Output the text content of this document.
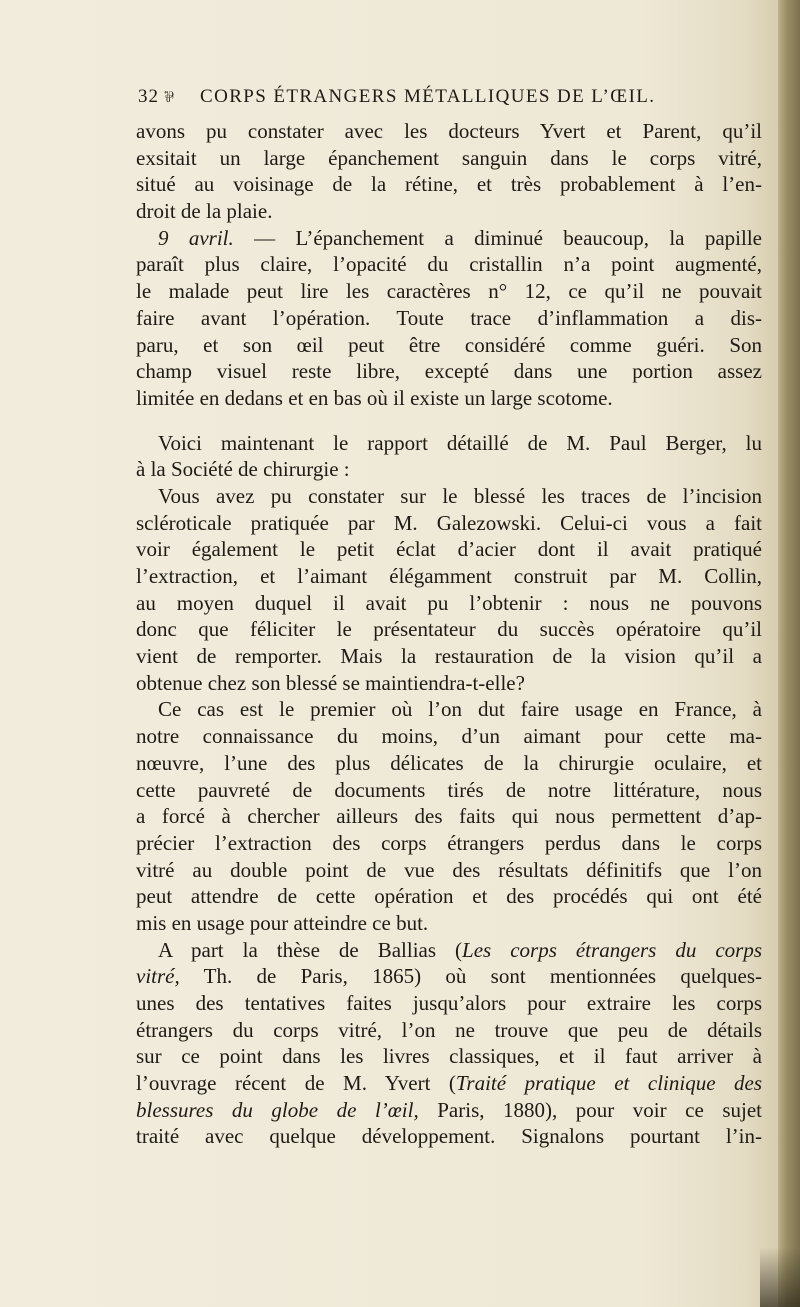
32 ⅌	CORPS ÉTRANGERS MÉTALLIQUES DE L’ŒIL.
avons pu constater avec les docteurs Yvert et Parent, qu’il
exsitait un large épanchement sanguin dans le corps vitré,
situé au voisinage de la rétine, et très probablement à l’en-
droit de la plaie.
9 avril. — L’épanchement a diminué beaucoup, la papille
paraît plus claire, l’opacité du cristallin n’a point augmenté,
le malade peut lire les caractères n° 12, ce qu’il ne pouvait
faire avant l’opération. Toute trace d’inflammation a dis-
paru, et son œil peut être considéré comme guéri. Son
champ visuel reste libre, excepté dans une portion assez
limitée en dedans et en bas où il existe un large scotome.
Voici maintenant le rapport détaillé de M. Paul Berger, lu
à la Société de chirurgie :
Vous avez pu constater sur le blessé les traces de l’incision
scléroticale pratiquée par M. Galezowski. Celui-ci vous a fait
voir également le petit éclat d’acier dont il avait pratiqué
l’extraction, et l’aimant élégamment construit par M. Collin,
au moyen duquel il avait pu l’obtenir : nous ne pouvons
donc que féliciter le présentateur du succès opératoire qu’il
vient de remporter. Mais la restauration de la vision qu’il a
obtenue chez son blessé se maintiendra-t-elle?
Ce cas est le premier où l’on dut faire usage en France, à
notre connaissance du moins, d’un aimant pour cette ma-
nœuvre, l’une des plus délicates de la chirurgie oculaire, et
cette pauvreté de documents tirés de notre littérature, nous
a forcé à chercher ailleurs des faits qui nous permettent d’ap-
précier l’extraction des corps étrangers perdus dans le corps
vitré au double point de vue des résultats définitifs que l’on
peut attendre de cette opération et des procédés qui ont été
mis en usage pour atteindre ce but.
A part la thèse de Ballias (Les corps étrangers du corps
vitré, Th. de Paris, 1865) où sont mentionnées quelques-
unes des tentatives faites jusqu’alors pour extraire les corps
étrangers du corps vitré, l’on ne trouve que peu de détails
sur ce point dans les livres classiques, et il faut arriver à
l’ouvrage récent de M. Yvert (Traité pratique et clinique des
blessures du globe de l’œil, Paris, 1880), pour voir ce sujet
traité avec quelque développement. Signalons pourtant l’in-
